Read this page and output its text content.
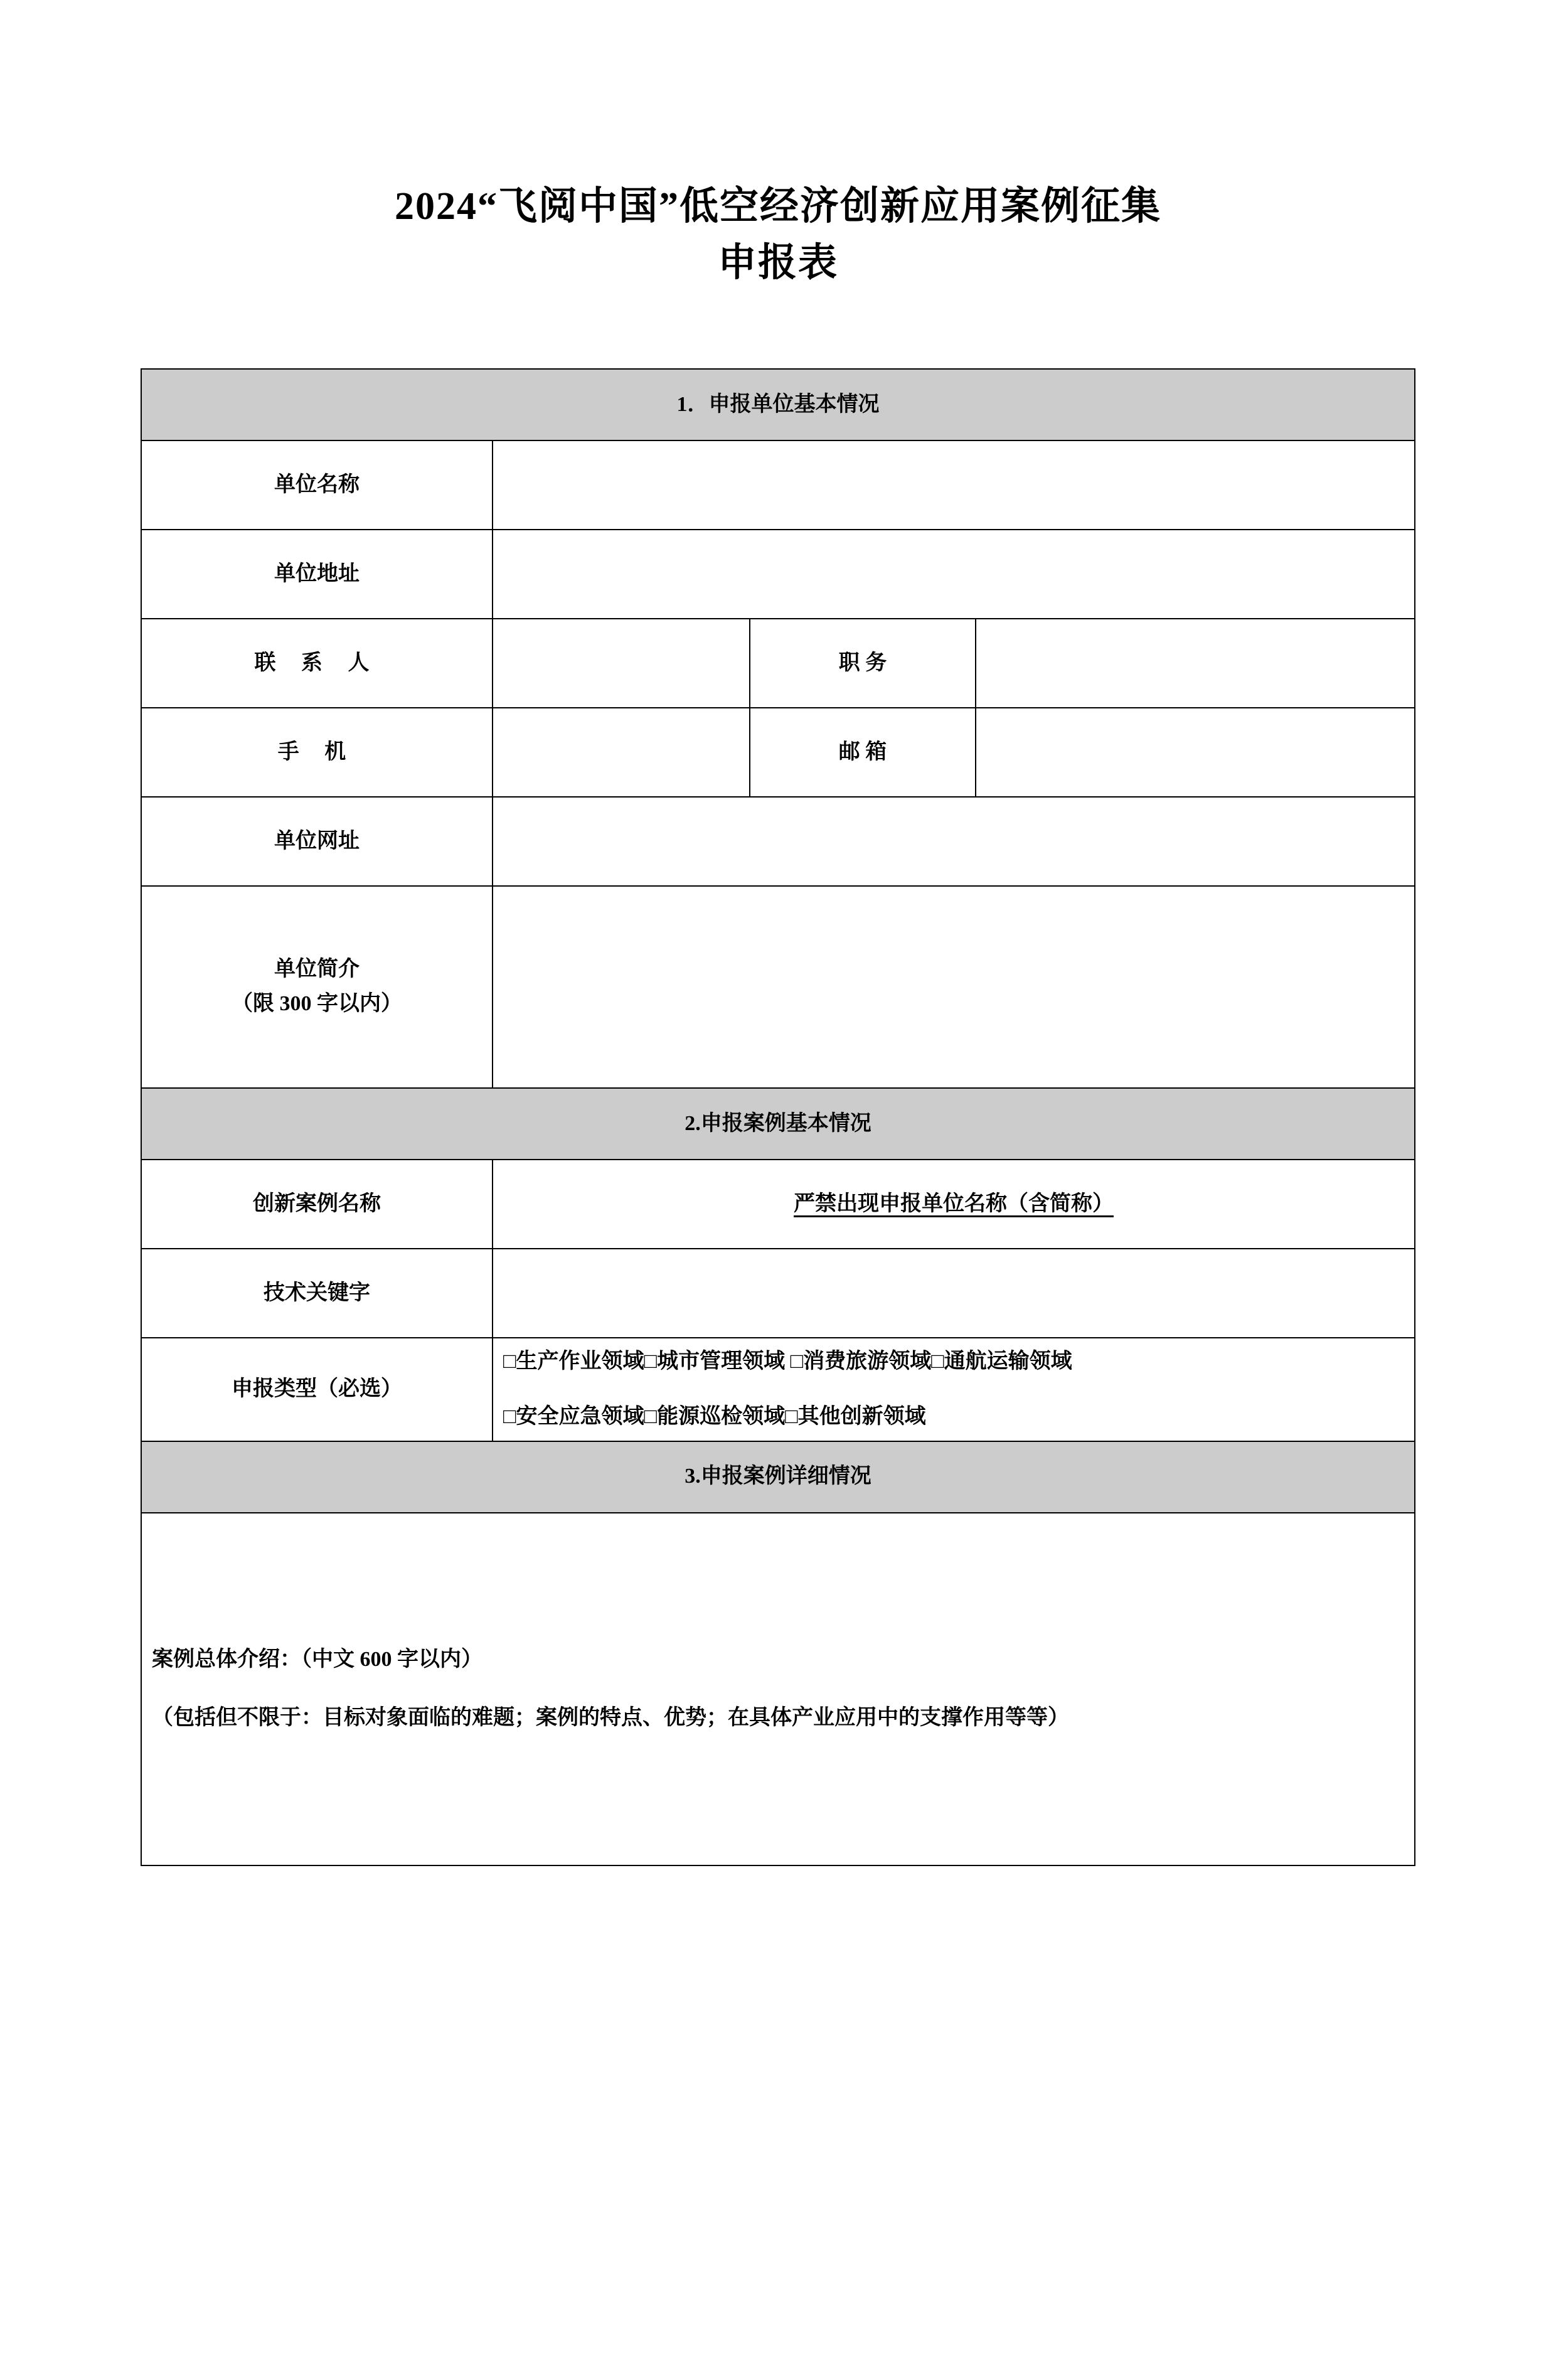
2024“飞阅中国”低空经济创新应用案例征集
申报表
1．申报单位基本情况			
单位名称			
单位地址			
联 系 人		职 务	
手 机		邮 箱	
单位网址			

单位简介
（限 300 字以内）			

2.申报案例基本情况			
创新案例名称	严禁出现申报单位名称（含简称）		
技术关键字			
申报类型（必选）	□生产作业领域□城市管理领域 □消费旅游领域□通航运输领域
□安全应急领域□能源巡检领域□其他创新领域		

3.申报案例详细情况			

案例总体介绍：（中文 600 字以内）
（包括但不限于：目标对象面临的难题；案例的特点、优势；在具体产业应用中的支撑作用等等）			
